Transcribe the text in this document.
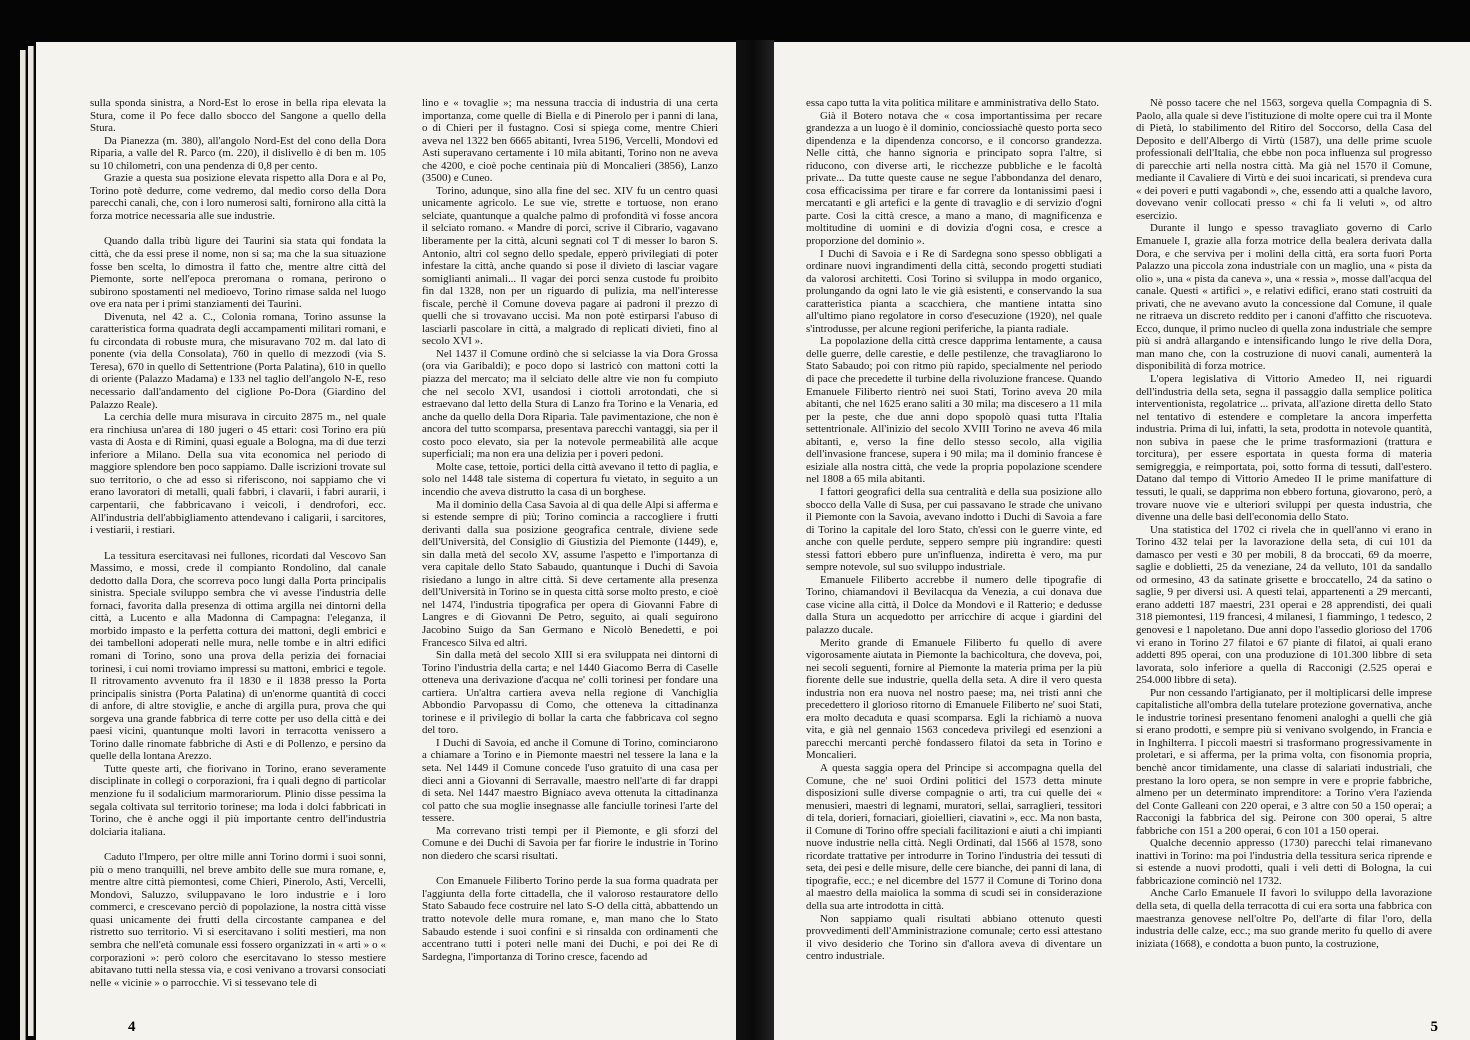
sulla sponda sinistra, a Nord-Est lo erose in bella ripa elevata la Stura, come il Po fece dallo sbocco del Sangone a quello della Stura.

Da Pianezza (m. 380), all'angolo Nord-Est del cono della Dora Riparia, a valle del R. Parco (m. 220), il dislivello è di ben m. 105 su 10 chilometri, con una pendenza di 0,8 per cento.

Grazie a questa sua posizione elevata rispetto alla Dora e al Po, Torino potè dedurre, come vedremo, dal medio corso della Dora parecchi canali, che, con i loro numerosi salti, fornirono alla città la forza motrice necessaria alle sue industrie.

Quando dalla tribù ligure dei Taurini sia stata qui fondata la città, che da essi prese il nome, non si sa; ma che la sua situazione fosse ben scelta, lo dimostra il fatto che, mentre altre città del Piemonte, sorte nell'epoca preromana o romana, perirono o subirono spostamenti nel medioevo, Torino rimase salda nel luogo ove era nata per i primi stanziamenti dei Taurini.

Divenuta, nel 42 a. C., Colonia romana, Torino assunse la caratteristica forma quadrata degli accampamenti militari romani, e fu circondata di robuste mura, che misuravano 702 m. dal lato di ponente (via della Consolata), 760 in quello di mezzodì (via S. Teresa), 670 in quello di Settentrione (Porta Palatina), 610 in quello di oriente (Palazzo Madama) e 133 nel taglio dell'angolo N-E, reso necessario dall'andamento del ciglione Po-Dora (Giardino del Palazzo Reale).

La cerchia delle mura misurava in circuito 2875 m., nel quale era rinchiusa un'area di 180 jugeri o 45 ettari: così Torino era più vasta di Aosta e di Rimini, quasi eguale a Bologna, ma di due terzi inferiore a Milano. Della sua vita economica nel periodo di maggiore splendore ben poco sappiamo. Dalle iscrizioni trovate sul suo territorio, o che ad esso si riferiscono, noi sappiamo che vi erano lavoratori di metalli, quali fabbri, i clavarii, i fabri aurarii, i carpentarii, che fabbricavano i veicoli, i dendrofori, ecc. All'industria dell'abbigliamento attendevano i caligarii, i sarcitores, i vestiarii, i restiari.

La tessitura esercitavasi nei fullones, ricordati dal Vescovo San Massimo, e mossi, crede il compianto Rondolino, dal canale dedotto dalla Dora, che scorreva poco lungi dalla Porta principalis sinistra. Speciale sviluppo sembra che vi avesse l'industria delle fornaci, favorita dalla presenza di ottima argilla nei dintorni della città, a Lucento e alla Madonna di Campagna: l'eleganza, il morbido impasto e la perfetta cottura dei mattoni, degli embrici e dei tambelloni adoperati nelle mura, nelle tombe e in altri edifici romani di Torino, sono una prova della perizia dei fornaciai torinesi, i cui nomi troviamo impressi su mattoni, embrici e tegole. Il ritrovamento avvenuto fra il 1830 e il 1838 presso la Porta principalis sinistra (Porta Palatina) di un'enorme quantità di cocci di anfore, di altre stoviglie, e anche di argilla pura, prova che qui sorgeva una grande fabbrica di terre cotte per uso della città e dei paesi vicini, quantunque molti lavori in terracotta venissero a Torino dalle rinomate fabbriche di Asti e di Pollenzo, e persino da quelle della lontana Arezzo.

Tutte queste arti, che fiorivano in Torino, erano severamente disciplinate in collegi o corporazioni, fra i quali degno di particolar menzione fu il sodalicium marmorariorum. Plinio disse pessima la segala coltivata sul territorio torinese; ma loda i dolci fabbricati in Torino, che è anche oggi il più importante centro dell'industria dolciaria italiana.

Caduto l'Impero, per oltre mille anni Torino dormì i suoi sonni, più o meno tranquilli, nel breve ambito delle sue mura romane, e, mentre altre città piemontesi, come Chieri, Pinerolo, Asti, Vercelli, Mondovì, Saluzzo, sviluppavano le loro industrie e i loro commerci, e crescevano perciò di popolazione, la nostra città visse quasi unicamente dei frutti della circostante campanea e del ristretto suo territorio. Vi si esercitavano i soliti mestieri, ma non sembra che nell'età comunale essi fossero organizzati in « arti » o « corporazioni »: però coloro che esercitavano lo stesso mestiere abitavano tutti nella stessa via, e così venivano a trovarsi consociati nelle « vicinie » o parrocchie. Vi si tessevano tele di

lino e « tovaglie »; ma nessuna traccia di industria di una certa importanza, come quelle di Biella e di Pinerolo per i panni di lana, o di Chieri per il fustagno. Così si spiega come, mentre Chieri aveva nel 1322 ben 6665 abitanti, Ivrea 5196, Vercelli, Mondovì ed Asti superavano certamente i 10 mila abitanti, Torino non ne aveva che 4200, e cioè poche centinaia più di Moncalieri (3856), Lanzo (3500) e Cuneo.

Torino, adunque, sino alla fine del sec. XIV fu un centro quasi unicamente agricolo. Le sue vie, strette e tortuose, non erano selciate, quantunque a qualche palmo di profondità vi fosse ancora il selciato romano. « Mandre di porci, scrive il Cibrario, vagavano liberamente per la città, alcuni segnati col T di messer lo baron S. Antonio, altri col segno dello spedale, epperò privilegiati di poter infestare la città, anche quando si pose il divieto di lasciar vagare somiglianti animali... Il vagar dei porci senza custode fu proibito fin dal 1328, non per un riguardo di pulizia, ma nell'interesse fiscale, perchè il Comune doveva pagare ai padroni il prezzo di quelli che si trovavano uccisi. Ma non potè estirparsi l'abuso di lasciarli pascolare in città, a malgrado di replicati divieti, fino al secolo XVI ».

Nel 1437 il Comune ordinò che si selciasse la via Dora Grossa (ora via Garibaldi); e poco dopo si lastricò con mattoni cotti la piazza del mercato; ma il selciato delle altre vie non fu compiuto che nel secolo XVI, usandosi i ciottoli arrotondati, che si estraevano dal letto della Stura di Lanzo fra Torino e la Venaria, ed anche da quello della Dora Riparia. Tale pavimentazione, che non è ancora del tutto scomparsa, presentava parecchi vantaggi, sia per il costo poco elevato, sia per la notevole permeabilità alle acque superficiali; ma non era una delizia per i poveri pedoni.

Molte case, tettoie, portici della città avevano il tetto di paglia, e solo nel 1448 tale sistema di copertura fu vietato, in seguito a un incendio che aveva distrutto la casa di un borghese.

Ma il dominio della Casa Savoia al di qua delle Alpi si afferma e si estende sempre di più; Torino comincia a raccogliere i frutti derivanti dalla sua posizione geografica centrale, diviene sede dell'Università, del Consiglio di Giustizia del Piemonte (1449), e, sin dalla metà del secolo XV, assume l'aspetto e l'importanza di vera capitale dello Stato Sabaudo, quantunque i Duchi di Savoia risiedano a lungo in altre città. Si deve certamente alla presenza dell'Università in Torino se in questa città sorse molto presto, e cioè nel 1474, l'industria tipografica per opera di Giovanni Fabre di Langres e di Giovanni De Petro, seguito, ai quali seguirono Jacobino Suigo da San Germano e Nicolò Benedetti, e poi Francesco Silva ed altri.

Sin dalla metà del secolo XIII si era sviluppata nei dintorni di Torino l'industria della carta; e nel 1440 Giacomo Berra di Caselle otteneva una derivazione d'acqua ne' colli torinesi per fondare una cartiera. Un'altra cartiera aveva nella regione di Vanchiglia Abbondio Parvopassu di Como, che otteneva la cittadinanza torinese e il privilegio di bollar la carta che fabbricava col segno del toro.

I Duchi di Savoia, ed anche il Comune di Torino, cominciarono a chiamare a Torino e in Piemonte maestri nel tessere la lana e la seta. Nel 1449 il Comune concede l'uso gratuito di una casa per dieci anni a Giovanni di Serravalle, maestro nell'arte di far drappi di seta. Nel 1447 maestro Bigniaco aveva ottenuta la cittadinanza col patto che sua moglie insegnasse alle fanciulle torinesi l'arte del tessere.

Ma correvano tristi tempi per il Piemonte, e gli sforzi del Comune e dei Duchi di Savoia per far fiorire le industrie in Torino non diedero che scarsi risultati.

Con Emanuele Filiberto Torino perde la sua forma quadrata per l'aggiunta della forte cittadella, che il valoroso restauratore dello Stato Sabaudo fece costruire nel lato S-O della città, abbattendo un tratto notevole delle mura romane, e, man mano che lo Stato Sabaudo estende i suoi confini e si rinsalda con ordinamenti che accentrano tutti i poteri nelle mani dei Duchi, e poi dei Re di Sardegna, l'importanza di Torino cresce, facendo ad

4

essa capo tutta la vita politica militare e amministrativa dello Stato.

Già il Botero notava che « cosa importantissima per recare grandezza a un luogo è il dominio, conciossiachè questo porta seco dipendenza e la dipendenza concorso, e il concorso grandezza. Nelle città, che hanno signoria e principato sopra l'altre, si riducono, con diverse arti, le ricchezze pubbliche e le facoltà private... Da tutte queste cause ne segue l'abbondanza del denaro, cosa efficacissima per tirare e far correre da lontanissimi paesi i mercatanti e gli artefici e la gente di travaglio e di servizio d'ogni parte. Così la città cresce, a mano a mano, di magnificenza e moltitudine di uomini e di dovizia d'ogni cosa, e cresce a proporzione del dominio ».

I Duchi di Savoia e i Re di Sardegna sono spesso obbligati a ordinare nuovi ingrandimenti della città, secondo progetti studiati da valorosi architetti. Così Torino si sviluppa in modo organico, prolungando da ogni lato le vie già esistenti, e conservando la sua caratteristica pianta a scacchiera, che mantiene intatta sino all'ultimo piano regolatore in corso d'esecuzione (1920), nel quale s'introdusse, per alcune regioni periferiche, la pianta radiale.

La popolazione della città cresce dapprima lentamente, a causa delle guerre, delle carestie, e delle pestilenze, che travagliarono lo Stato Sabaudo; poi con ritmo più rapido, specialmente nel periodo di pace che precedette il turbine della rivoluzione francese. Quando Emanuele Filiberto rientrò nei suoi Stati, Torino aveva 20 mila abitanti, che nel 1625 erano saliti a 30 mila; ma discesero a 11 mila per la peste, che due anni dopo spopolò quasi tutta l'Italia settentrionale. All'inizio del secolo XVIII Torino ne aveva 46 mila abitanti, e, verso la fine dello stesso secolo, alla vigilia dell'invasione francese, supera i 90 mila; ma il dominio francese è esiziale alla nostra città, che vede la propria popolazione scendere nel 1808 a 65 mila abitanti.

I fattori geografici della sua centralità e della sua posizione allo sbocco della Valle di Susa, per cui passavano le strade che univano il Piemonte con la Savoia, avevano indotto i Duchi di Savoia a fare di Torino la capitale del loro Stato, ch'essi con le guerre vinte, ed anche con quelle perdute, seppero sempre più ingrandire: questi stessi fattori ebbero pure un'influenza, indiretta è vero, ma pur sempre notevole, sul suo sviluppo industriale.

Emanuele Filiberto accrebbe il numero delle tipografie di Torino, chiamandovi il Bevilacqua da Venezia, a cui donava due case vicine alla città, il Dolce da Mondovì e il Ratterio; e dedusse dalla Stura un acquedotto per arricchire di acque i giardini del palazzo ducale.

Merito grande di Emanuele Filiberto fu quello di avere vigorosamente aiutata in Piemonte la bachicoltura, che doveva, poi, nei secoli seguenti, fornire al Piemonte la materia prima per la più fiorente delle sue industrie, quella della seta. A dire il vero questa industria non era nuova nel nostro paese; ma, nei tristi anni che precedettero il glorioso ritorno di Emanuele Filiberto ne' suoi Stati, era molto decaduta e quasi scomparsa. Egli la richiamò a nuova vita, e già nel gennaio 1563 concedeva privilegi ed esenzioni a parecchi mercanti perchè fondassero filatoi da seta in Torino e Moncalieri.

A questa saggia opera del Principe si accompagna quella del Comune, che ne' suoi Ordini politici del 1573 detta minute disposizioni sulle diverse compagnie o arti, tra cui quelle dei « menusieri, maestri di legnami, muratori, sellai, sarraglieri, tessitori di tela, dorieri, fornaciari, gioiellieri, ciavatini », ecc. Ma non basta, il Comune di Torino offre speciali facilitazioni e aiuti a chi impianti nuove industrie nella città. Negli Ordinati, dal 1566 al 1578, sono ricordate trattative per introdurre in Torino l'industria dei tessuti di seta, dei pesi e delle misure, delle cere bianche, dei panni di lana, di tipografie, ecc.; e nel dicembre del 1577 il Comune di Torino dona al maestro della maiolica la somma di scudi sei in considerazione della sua arte introdotta in città.

Non sappiamo quali risultati abbiano ottenuto questi provvedimenti dell'Amministrazione comunale; certo essi attestano il vivo desiderio che Torino sin d'allora aveva di diventare un centro industriale.

Nè posso tacere che nel 1563, sorgeva quella Compagnia di S. Paolo, alla quale si deve l'istituzione di molte opere cui tra il Monte di Pietà, lo stabilimento del Ritiro del Soccorso, della Casa del Deposito e dell'Albergo di Virtù (1587), una delle prime scuole professionali dell'Italia, che ebbe non poca influenza sul progresso di parecchie arti nella nostra città. Ma già nel 1570 il Comune, mediante il Cavaliere di Virtù e dei suoi incaricati, si prendeva cura « dei poveri e putti vagabondi », che, essendo atti a qualche lavoro, dovevano venir collocati presso « chi fa li veluti », od altro esercizio.

Durante il lungo e spesso travagliato governo di Carlo Emanuele I, grazie alla forza motrice della bealera derivata dalla Dora, e che serviva per i molini della città, era sorta fuori Porta Palazzo una piccola zona industriale con un maglio, una « pista da olio », una « pista da caneva », una « ressia », mosse dall'acqua del canale. Questi « artifici », e relativi edifici, erano stati costruiti da privati, che ne avevano avuto la concessione dal Comune, il quale ne ritraeva un discreto reddito per i canoni d'affitto che riscuoteva. Ecco, dunque, il primo nucleo di quella zona industriale che sempre più si andrà allargando e intensificando lungo le rive della Dora, man mano che, con la costruzione di nuovi canali, aumenterà la disponibilità di forza motrice.

L'opera legislativa di Vittorio Amedeo II, nei riguardi dell'industria della seta, segna il passaggio dalla semplice politica interventionista, regolatrice ... privata, all'azione diretta dello Stato nel tentativo di estendere e completare la ancora imperfetta industria. Prima di lui, infatti, la seta, prodotta in notevole quantità, non subiva in paese che le prime trasformazioni (trattura e torcitura), per essere esportata in questa forma di materia semigreggia, e reimportata, poi, sotto forma di tessuti, dall'estero. Datano dal tempo di Vittorio Amedeo II le prime manifatture di tessuti, le quali, se dapprima non ebbero fortuna, giovarono, però, a trovare nuove vie e ulteriori sviluppi per questa industria, che divenne una delle basi dell'economia dello Stato.

Una statistica del 1702 ci rivela che in quell'anno vi erano in Torino 432 telai per la lavorazione della seta, di cui 101 da damasco per vesti e 30 per mobili, 8 da broccati, 69 da moerre, saglie e doblietti, 25 da veneziane, 24 da velluto, 101 da sandallo od ormesino, 43 da satinate grisette e broccatello, 24 da satino o saglie, 9 per diversi usi. A questi telai, appartenenti a 29 mercanti, erano addetti 187 maestri, 231 operai e 28 apprendisti, dei quali 318 piemontesi, 119 francesi, 4 milanesi, 1 fiammingo, 1 tedesco, 2 genovesi e 1 napoletano. Due anni dopo l'assedio glorioso del 1706 vi erano in Torino 27 filatoi e 67 piante di filatoi, ai quali erano addetti 895 operai, con una produzione di 101.300 libbre di seta lavorata, solo inferiore a quella di Racconigi (2.525 operai e 254.000 libbre di seta).

Pur non cessando l'artigianato, per il moltiplicarsi delle imprese capitalistiche all'ombra della tutelare protezione governativa, anche le industrie torinesi presentano fenomeni analoghi a quelli che già si erano prodotti, e sempre più si venivano svolgendo, in Francia e in Inghilterra. I piccoli maestri si trasformano progressivamente in proletari, e si afferma, per la prima volta, con fisonomia propria, benchè ancor timidamente, una classe di salariati industriali, che prestano la loro opera, se non sempre in vere e proprie fabbriche, almeno per un determinato imprenditore: a Torino v'era l'azienda del Conte Galleani con 220 operai, e 3 altre con 50 a 150 operai; a Racconigi la fabbrica del sig. Peirone con 300 operai, 5 altre fabbriche con 151 a 200 operai, 6 con 101 a 150 operai.

Qualche decennio appresso (1730) parecchi telai rimanevano inattivi in Torino: ma poi l'industria della tessitura serica riprende e si estende a nuovi prodotti, quali i veli detti di Bologna, la cui fabbricazione cominciò nel 1732.

Anche Carlo Emanuele II favorì lo sviluppo della lavorazione della seta, di quella della terracotta di cui era sorta una fabbrica con maestranza genovese nell'oltre Po, dell'arte di filar l'oro, della industria delle calze, ecc.; ma suo grande merito fu quello di avere iniziata (1668), e condotta a buon punto, la costruzione,

5
